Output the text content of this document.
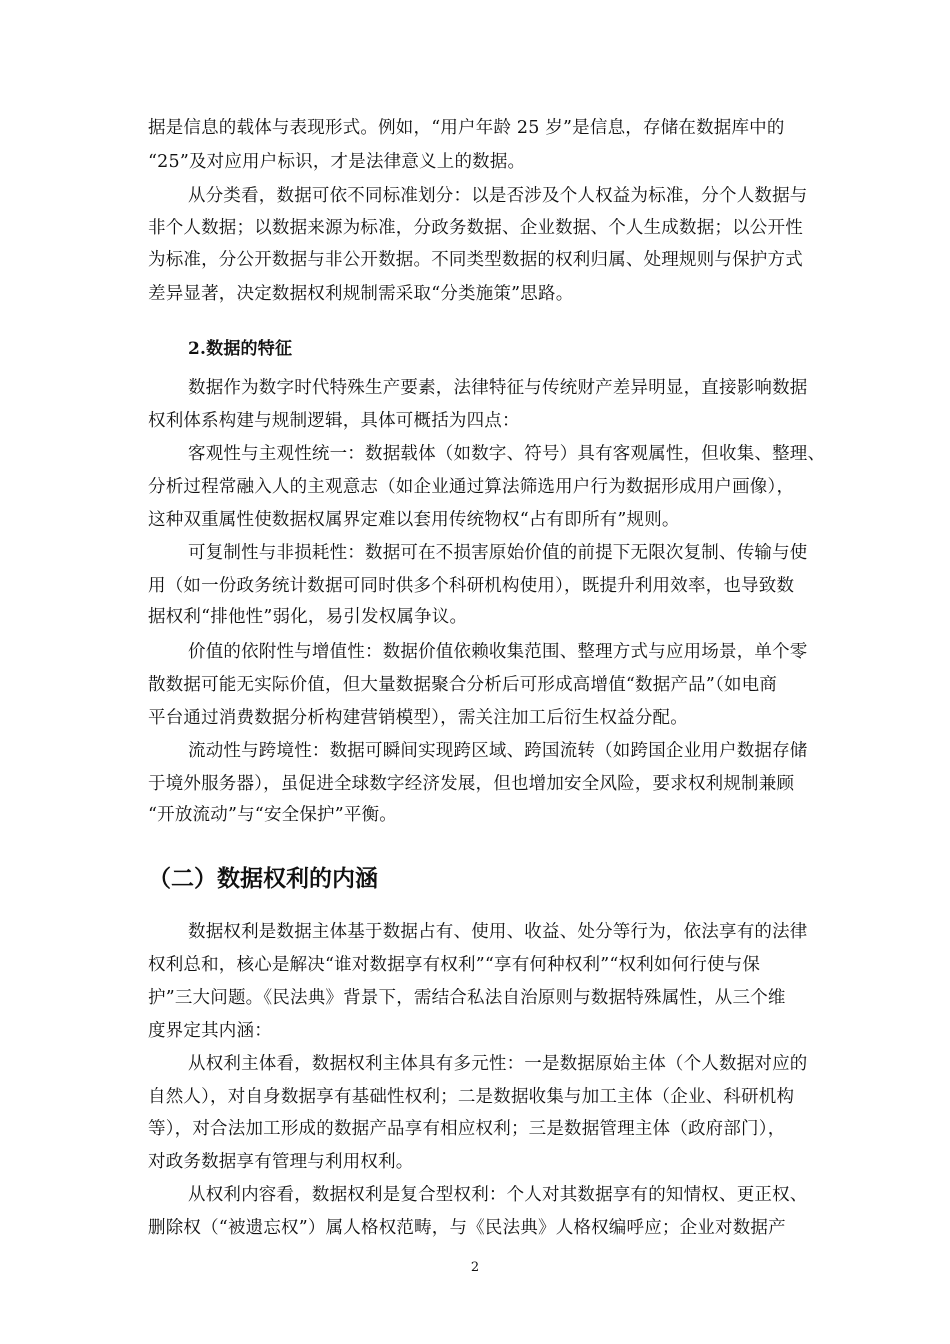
据是信息的载体与表现形式。例如，“用户年龄 25 岁”是信息，存储在数据库中的
“25”及对应用户标识，才是法律意义上的数据。
从分类看，数据可依不同标准划分：以是否涉及个人权益为标准，分个人数据与
非个人数据；以数据来源为标准，分政务数据、企业数据、个人生成数据；以公开性
为标准，分公开数据与非公开数据。不同类型数据的权利归属、处理规则与保护方式
差异显著，决定数据权利规制需采取“分类施策”思路。
2.数据的特征
数据作为数字时代特殊生产要素，法律特征与传统财产差异明显，直接影响数据
权利体系构建与规制逻辑，具体可概括为四点：
客观性与主观性统一：数据载体（如数字、符号）具有客观属性，但收集、整理、
分析过程常融入人的主观意志（如企业通过算法筛选用户行为数据形成用户画像），
这种双重属性使数据权属界定难以套用传统物权“占有即所有”规则。
可复制性与非损耗性：数据可在不损害原始价值的前提下无限次复制、传输与使
用（如一份政务统计数据可同时供多个科研机构使用），既提升利用效率，也导致数
据权利“排他性”弱化，易引发权属争议。
价值的依附性与增值性：数据价值依赖收集范围、整理方式与应用场景，单个零
散数据可能无实际价值，但大量数据聚合分析后可形成高增值“数据产品”（如电商
平台通过消费数据分析构建营销模型），需关注加工后衍生权益分配。
流动性与跨境性：数据可瞬间实现跨区域、跨国流转（如跨国企业用户数据存储
于境外服务器），虽促进全球数字经济发展，但也增加安全风险，要求权利规制兼顾
“开放流动”与“安全保护”平衡。
（二）数据权利的内涵
数据权利是数据主体基于数据占有、使用、收益、处分等行为，依法享有的法律
权利总和，核心是解决“谁对数据享有权利”“享有何种权利”“权利如何行使与保
护”三大问题。《民法典》背景下，需结合私法自治原则与数据特殊属性，从三个维
度界定其内涵：
从权利主体看，数据权利主体具有多元性：一是数据原始主体（个人数据对应的
自然人），对自身数据享有基础性权利；二是数据收集与加工主体（企业、科研机构
等），对合法加工形成的数据产品享有相应权利；三是数据管理主体（政府部门），
对政务数据享有管理与利用权利。
从权利内容看，数据权利是复合型权利：个人对其数据享有的知情权、更正权、
删除权（“被遗忘权”）属人格权范畴，与《民法典》人格权编呼应；企业对数据产
2
